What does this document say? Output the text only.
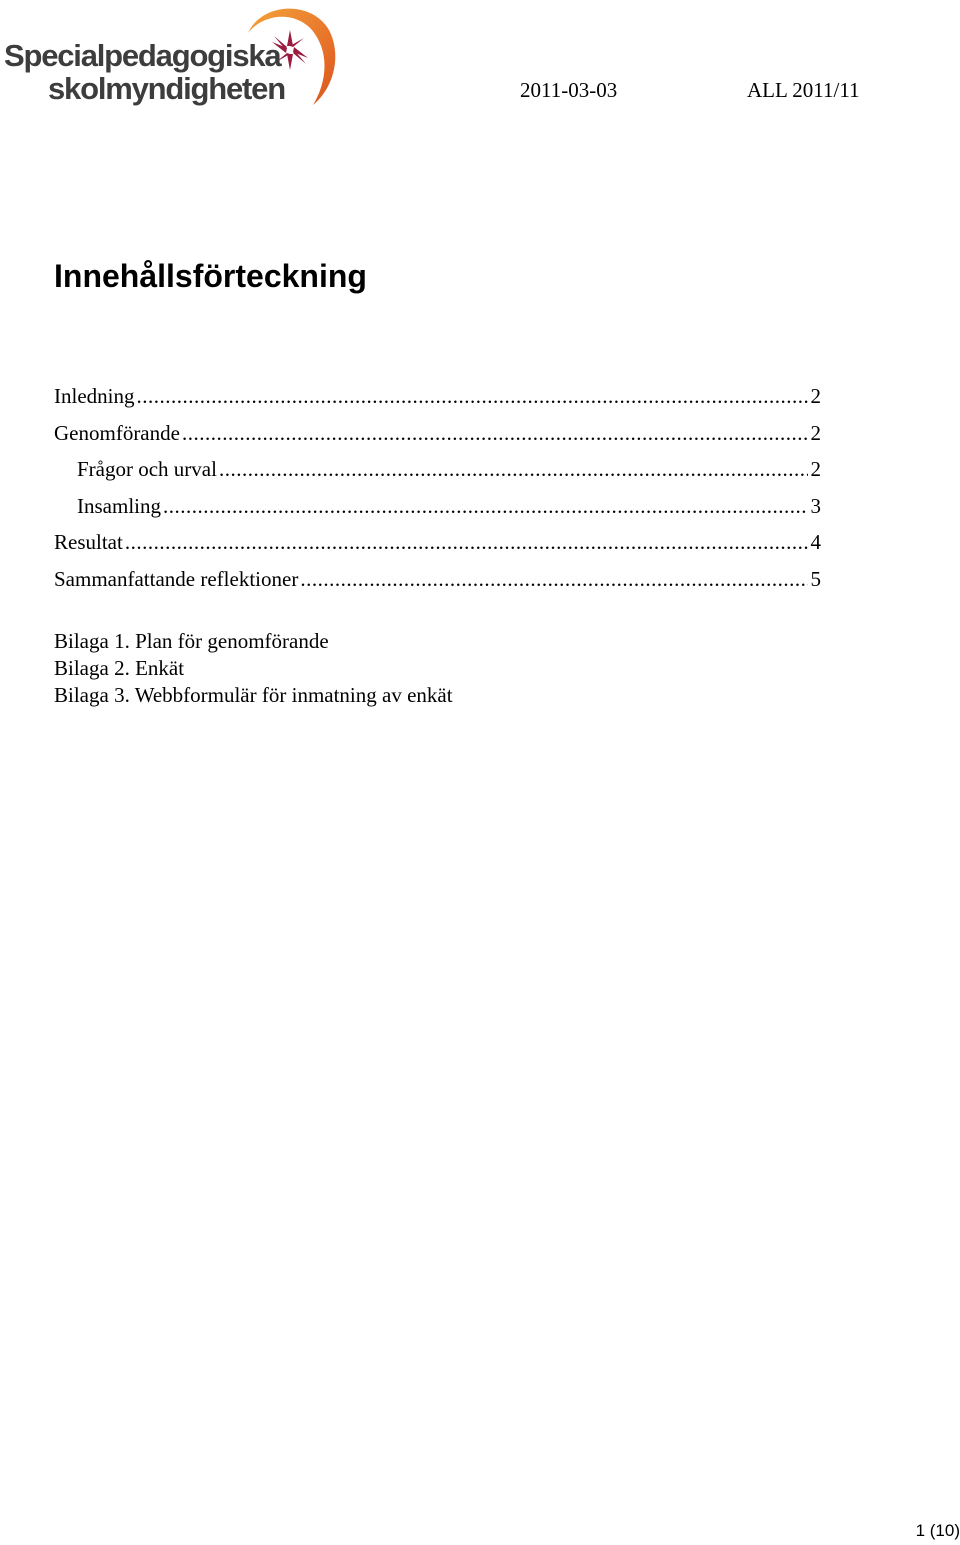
Specialpedagogiska
skolmyndigheten	2011-03-03	ALL 2011/11
Innehållsförteckning
Inledning .....	2
Genomförande .....	2
Frågor och urval .....	2
Insamling .....	3
Resultat .....	4
Sammanfattande reflektioner .....	5
Bilaga 1. Plan för genomförande
Bilaga 2. Enkät
Bilaga 3. Webbformulär för inmatning av enkät
1 (10)
